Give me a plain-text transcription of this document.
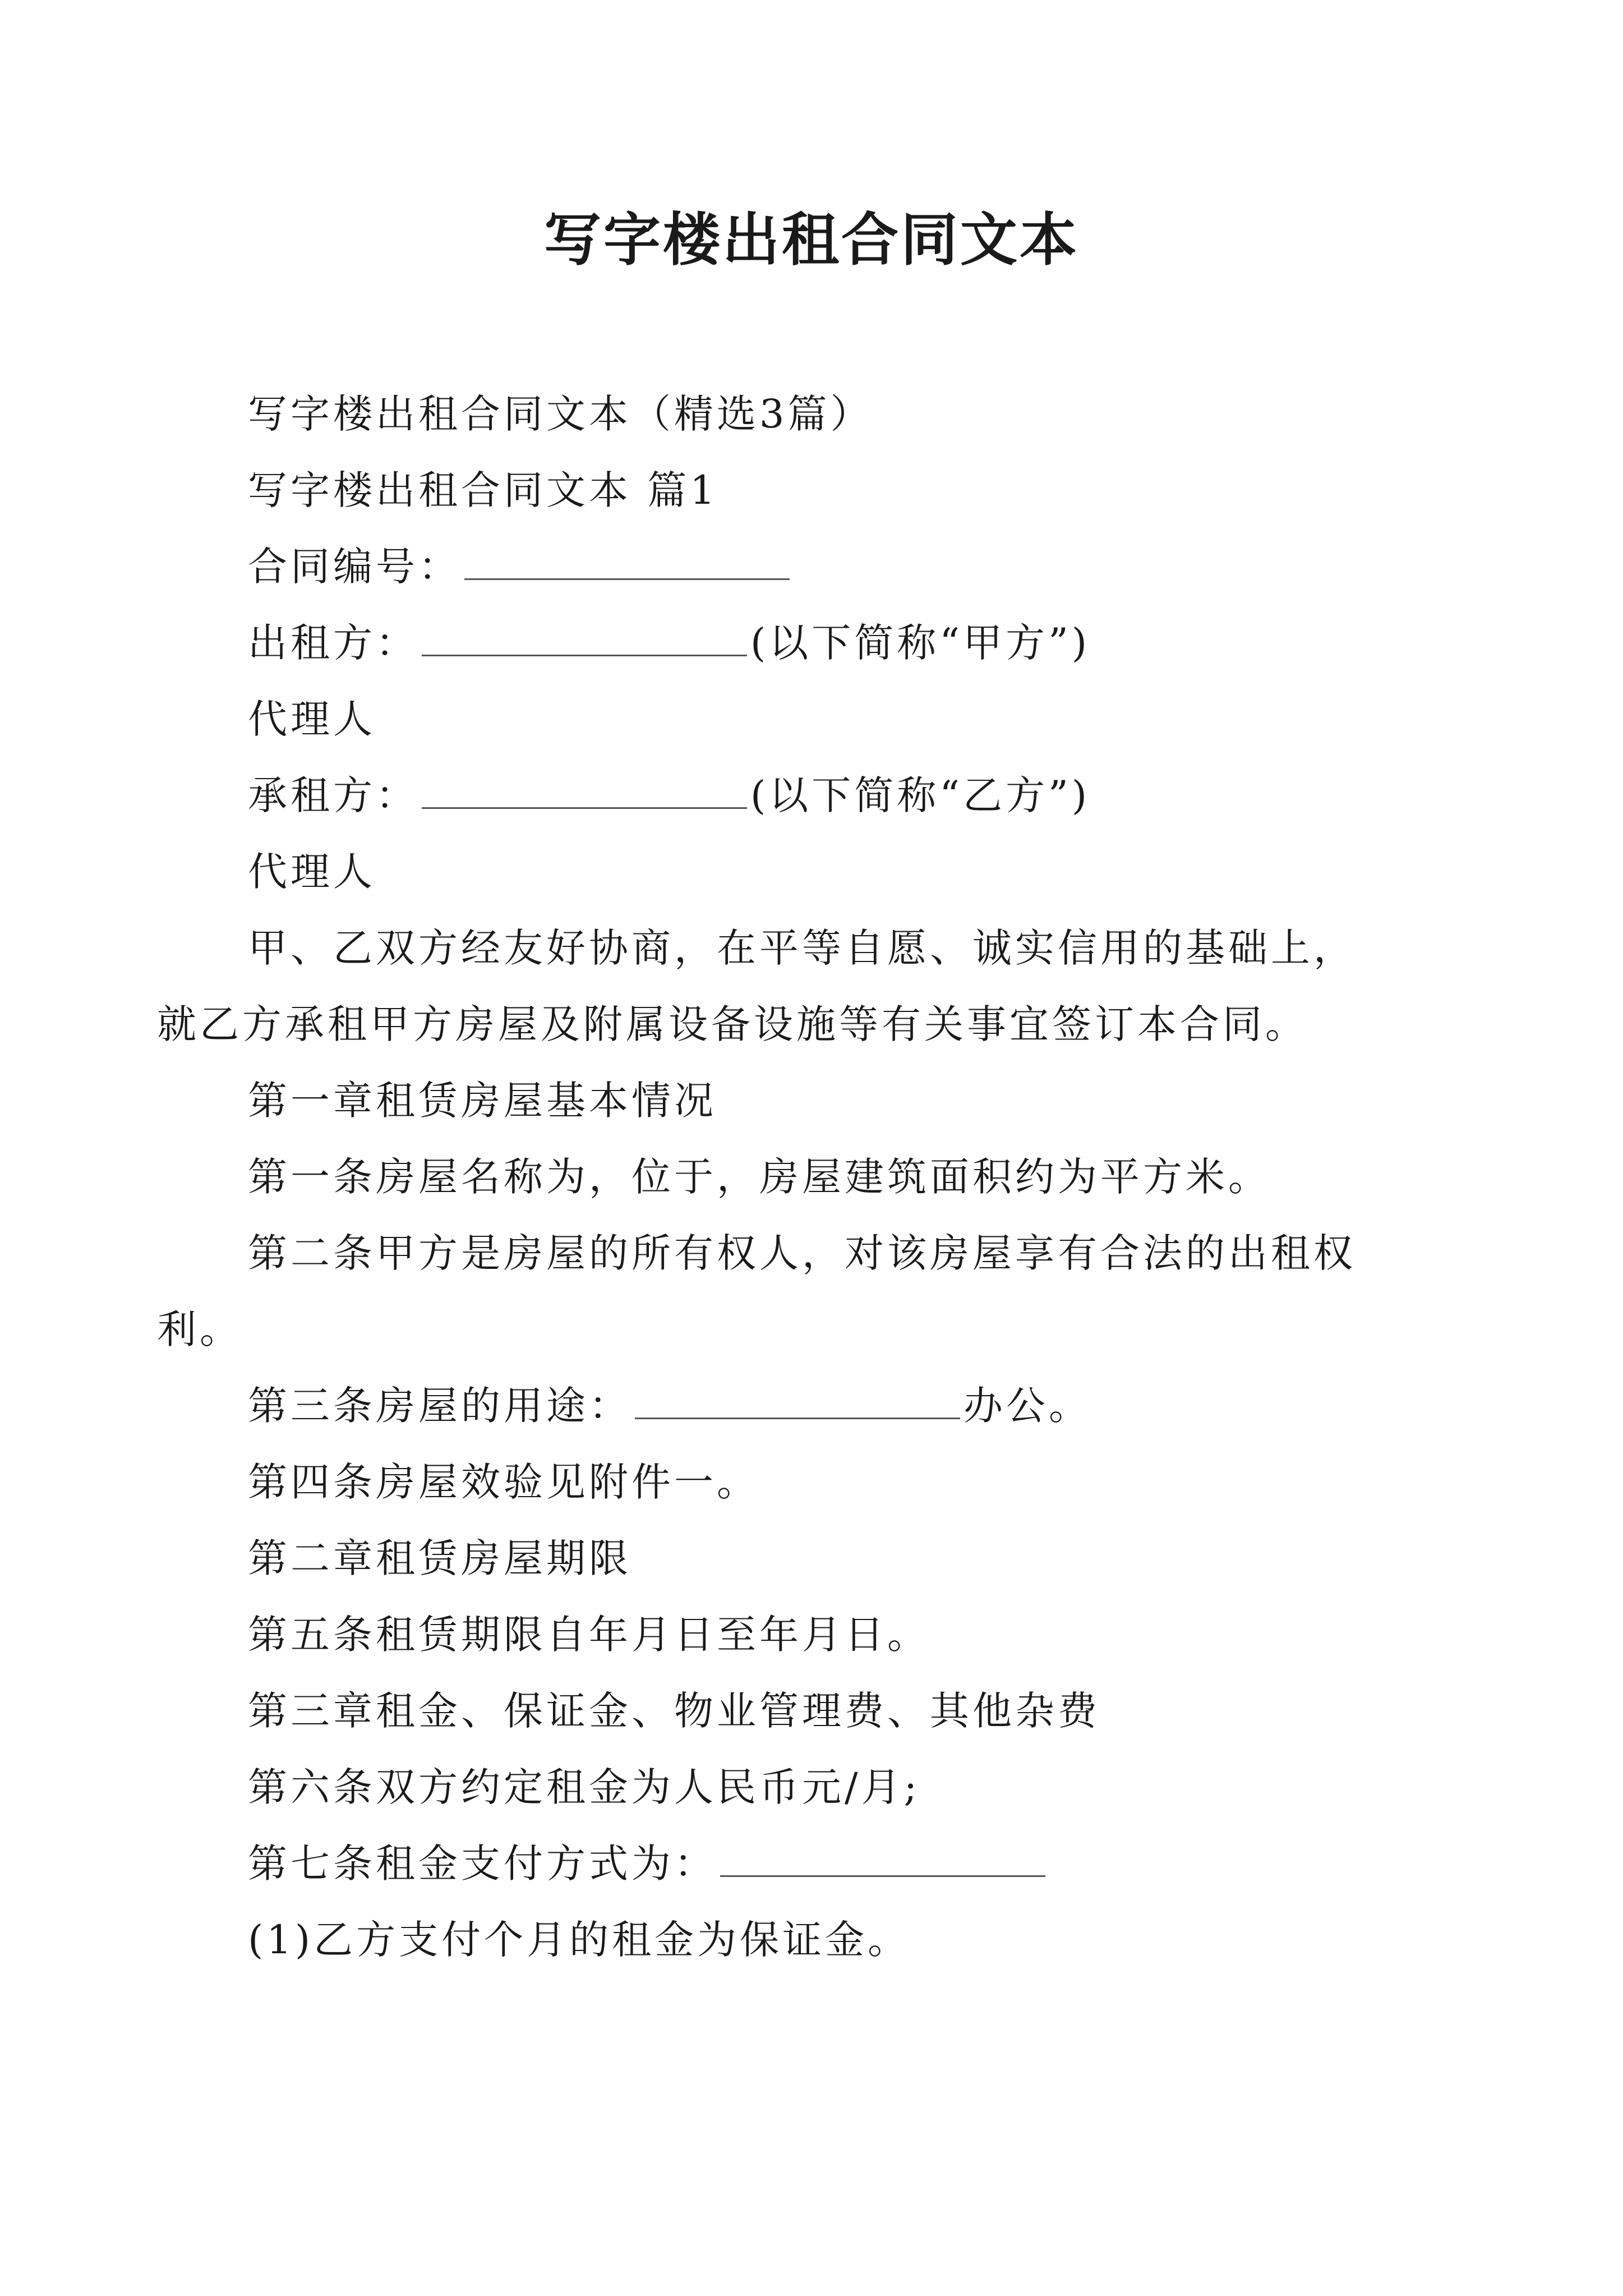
写字楼出租合同文本

写字楼出租合同文本（精选3篇）

写字楼出租合同文本 篇1

合同编号：

出租方：	(以下简称“甲方”)

代理人

承租方：	(以下简称“乙方”)

代理人

甲、乙双方经友好协商，在平等自愿、诚实信用的基础上，就乙方承租甲方房屋及附属设备设施等有关事宜签订本合同。

第一章租赁房屋基本情况

第一条房屋名称为，位于，房屋建筑面积约为平方米。

第二条甲方是房屋的所有权人，对该房屋享有合法的出租权利。

第三条房屋的用途：	办公。

第四条房屋效验见附件一。

第二章租赁房屋期限

第五条租赁期限自年月日至年月日。

第三章租金、保证金、物业管理费、其他杂费

第六条双方约定租金为人民币元/月;

第七条租金支付方式为：

(1)乙方支付个月的租金为保证金。
